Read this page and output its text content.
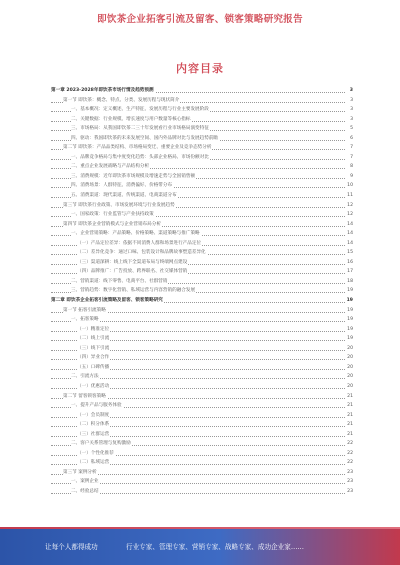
即饮茶企业拓客引流及留客、锁客策略研究报告
内容目录
第一章 2023-2028年即饮茶市场行情及趋势预测	3
第一节 即饮茶：概念、特点、分类、发展历程与现状简介	3
一、基本概况：定义概述、生产特征、发展历程与行业主要发展阶段	3
二、关键数据：行业规模、增长速度与用户数量等核心指标	3
三、市场格局：从我国即饮茶二三十年发展看行业市场格局演变特征	5
四、驱动：我国即饮茶的未来发展空间、国内外品牌对比与发展趋势前瞻	6
第二节 即饮茶：产品品类结构、市场格局变迁、重要企业及竞争态势分析	7
一、品牌竞争格局与集中度变化趋势：头部企业格局、市场份额对比	7
二、重点企业发展战略与产品结构分析	8
三、消费规模：近年即饮茶市场规模及增速走势与全国销售额	9
四、消费场景：人群特征、消费偏好、价格带分布	10
五、消费渠道：现代渠道、传统渠道、电商渠道分布	11
第三节 即饮茶行业政策、市场发展环境与行业发展趋势	12
一、国家政策：行业监管与产业扶持政策	12
第四节 即饮茶企业营销模式与企业营销布局分析	14
一、企业营销策略：产品策略、价格策略、渠道策略与推广策略	14
（一）产品定位差异：依据不同消费人群和场景进行产品定位	14
（二）差异化竞争：通过口味、包装设计和品牌故事塑造差异化	15
（三）渠道深耕：线上线下全渠道布局与终端网点建设	16
（四）品牌推广：广告投放、跨界联名、社交媒体营销	17
二、营销渠道：线下零售、电商平台、社群营销	18
三、营销趋势：数字化营销、私域运营与内容营销的融合发展	19
第二章 即饮茶企业拓客引流策略及留客、锁客策略研究	19
第一节 拓客引流策略	19
一、拓客策略	19
（一）精准定位	19
（二）线上引流	19
（三）线下引流	20
（四）异业合作	20
（五）口碑传播	20
二、引流方法	20
（一）优惠活动	20
第二节 留客锁客策略	21
一、提升产品与服务体验	21
（一）会员制度	21
（二）积分体系	21
（三）社群运营	21
二、客户关系管理与复购激励	22
（一）个性化推荐	22
（二）私域运营	22
第三节 案例分析	23
一、案例企业	23
二、经验总结	23
让每个人都得成功	行业专家、管理专家、营销专家、战略专家、成功企业家……
